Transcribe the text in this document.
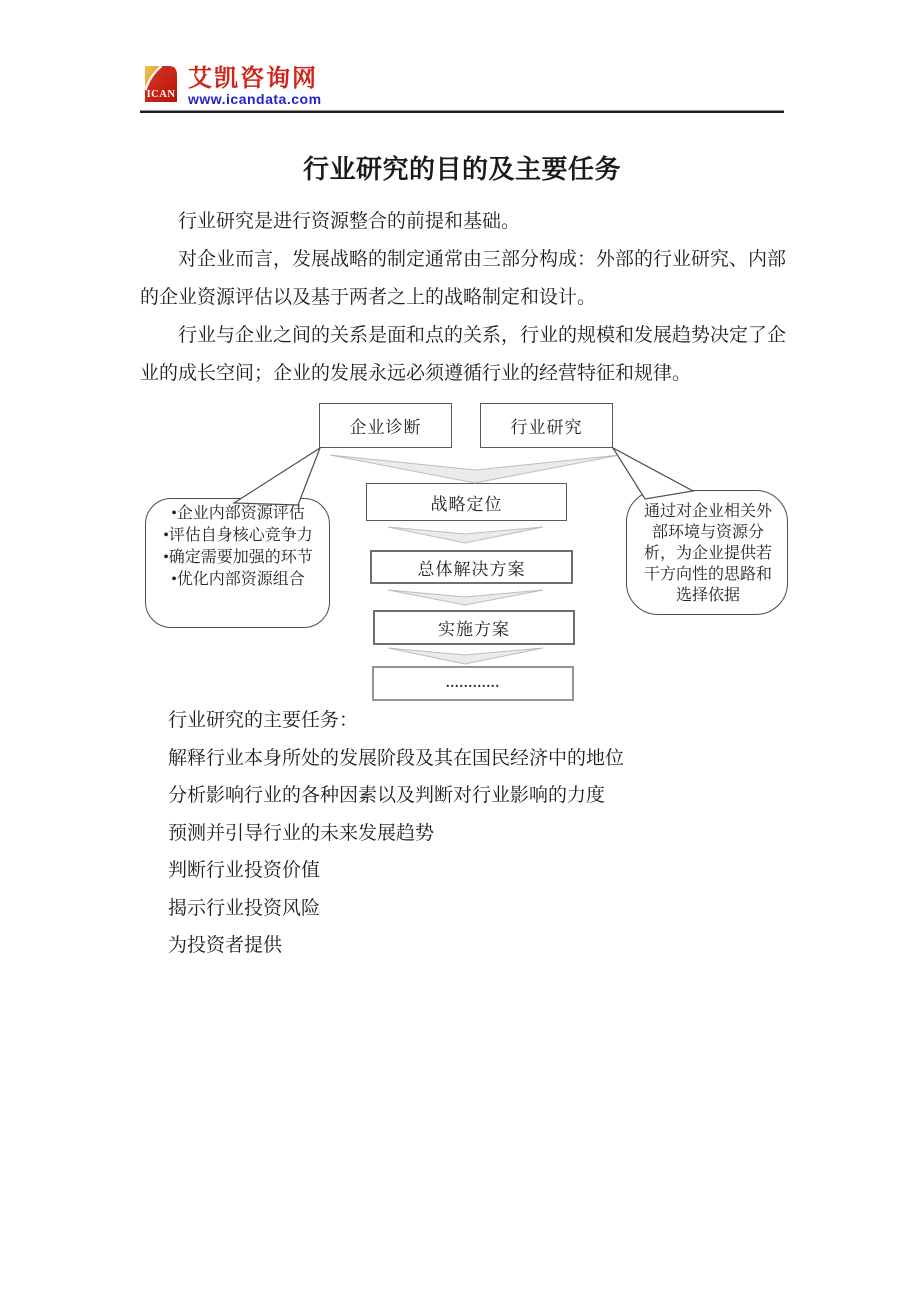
ICAN
艾凯咨询网
www.icandata.com
行业研究的目的及主要任务

行业研究是进行资源整合的前提和基础。

对企业而言，发展战略的制定通常由三部分构成：外部的行业研究、内部的企业资源评估以及基于两者之上的战略制定和设计。

行业与企业之间的关系是面和点的关系，行业的规模和发展趋势决定了企业的成长空间；企业的发展永远必须遵循行业的经营特征和规律。

企业诊断	行业研究
战略定位
总体解决方案
实施方案
............
•企业内部资源评估
•评估自身核心竞争力
•确定需要加强的环节
•优化内部资源组合
通过对企业相关外部环境与资源分析，为企业提供若干方向性的思路和选择依据
行业研究的主要任务：
解释行业本身所处的发展阶段及其在国民经济中的地位
分析影响行业的各种因素以及判断对行业影响的力度
预测并引导行业的未来发展趋势
判断行业投资价值
揭示行业投资风险
为投资者提供
